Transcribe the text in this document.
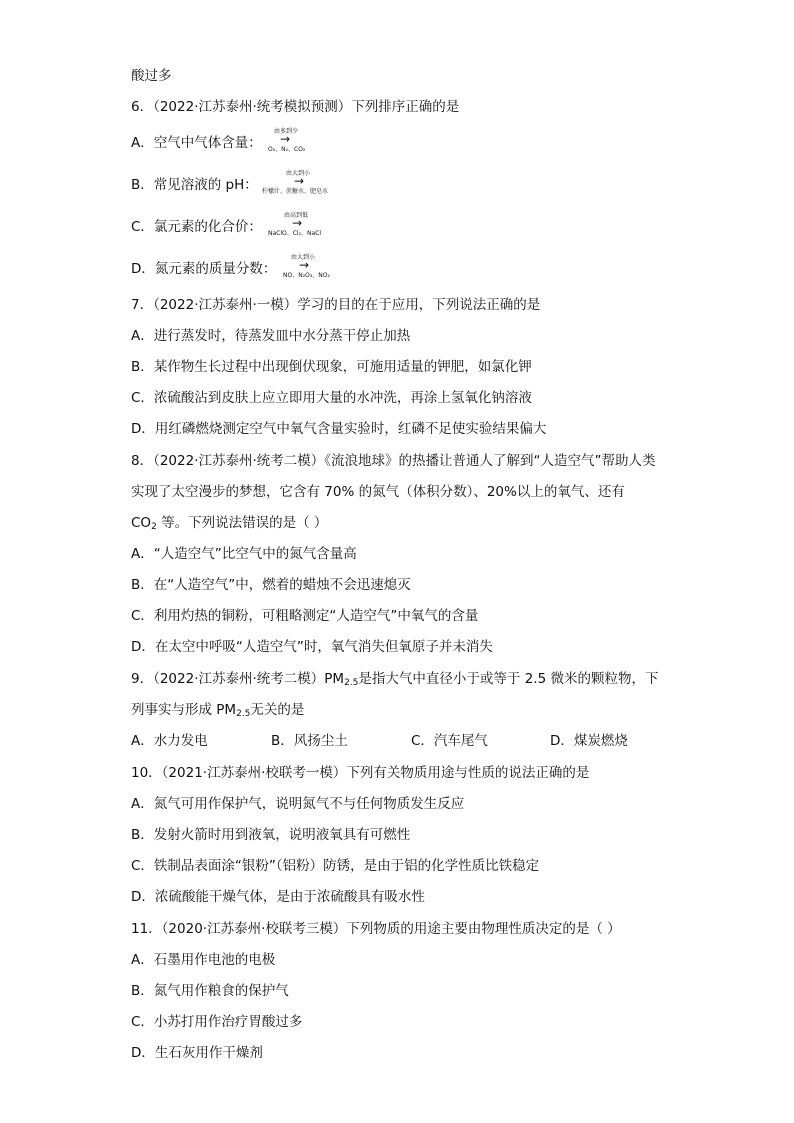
酸过多
6．（2022·江苏泰州·统考模拟预测）下列排序正确的是
A．空气中气体含量：
由多到少
→
O₂、N₂、CO₂
B．常见溶液的 pH：
由大到小
→
柠檬汁、蔗糖水、肥皂水
C．氯元素的化合价：
由高到低
→
NaClO、Cl₂、NaCl
D．氮元素的质量分数：
由大到小
→
NO、N₂O₃、NO₂
7．（2022·江苏泰州·一模）学习的目的在于应用，下列说法正确的是
A．进行蒸发时，待蒸发皿中水分蒸干停止加热
B．某作物生长过程中出现倒伏现象，可施用适量的钾肥，如氯化钾
C．浓硫酸沾到皮肤上应立即用大量的水冲洗，再涂上氢氧化钠溶液
D．用红磷燃烧测定空气中氧气含量实验时，红磷不足使实验结果偏大
8．（2022·江苏泰州·统考二模）《流浪地球》的热播让普通人了解到“人造空气”帮助人类
实现了太空漫步的梦想，它含有 70% 的氮气（体积分数）、20%以上的氧气、还有
$CO_2$ 等。下列说法错误的是（ ）
A．“人造空气”比空气中的氮气含量高
B．在“人造空气”中，燃着的蜡烛不会迅速熄灭
C．利用灼热的铜粉，可粗略测定“人造空气”中氧气的含量
D．在太空中呼吸“人造空气”时，氧气消失但氧原子并未消失
9．（2022·江苏泰州·统考二模）$PM_{2.5}$是指大气中直径小于或等于 2.5 微米的颗粒物，下
列事实与形成 $PM_{2.5}$无关的是
A．水力发电	B．风扬尘土	C．汽车尾气	D．煤炭燃烧
10．（2021·江苏泰州·校联考一模）下列有关物质用途与性质的说法正确的是
A．氮气可用作保护气，说明氮气不与任何物质发生反应
B．发射火箭时用到液氧，说明液氧具有可燃性
C．铁制品表面涂“银粉”（铝粉）防锈，是由于铝的化学性质比铁稳定
D．浓硫酸能干燥气体，是由于浓硫酸具有吸水性
11．（2020·江苏泰州·校联考三模）下列物质的用途主要由物理性质决定的是（ ）
A．石墨用作电池的电极
B．氮气用作粮食的保护气
C．小苏打用作治疗胃酸过多
D．生石灰用作干燥剂
